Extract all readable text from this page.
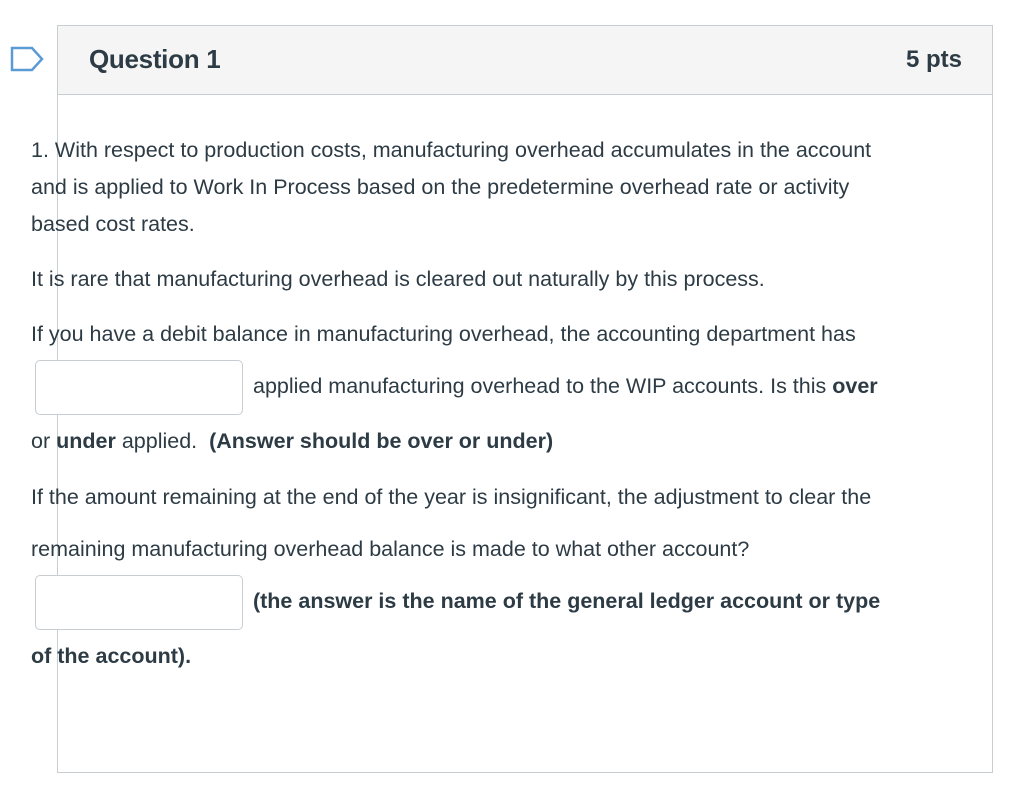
Question 1	5 pts

1. With respect to production costs, manufacturing overhead accumulates in the account and is applied to Work In Process based on the predetermine overhead rate or activity based cost rates.

It is rare that manufacturing overhead is cleared out naturally by this process.

If you have a debit balance in manufacturing overhead, the accounting department has  applied manufacturing overhead to the WIP accounts. Is this over or under applied. (Answer should be over or under)

If the amount remaining at the end of the year is insignificant, the adjustment to clear the remaining manufacturing overhead balance is made to what other account?  (the answer is the name of the general ledger account or type of the account).
